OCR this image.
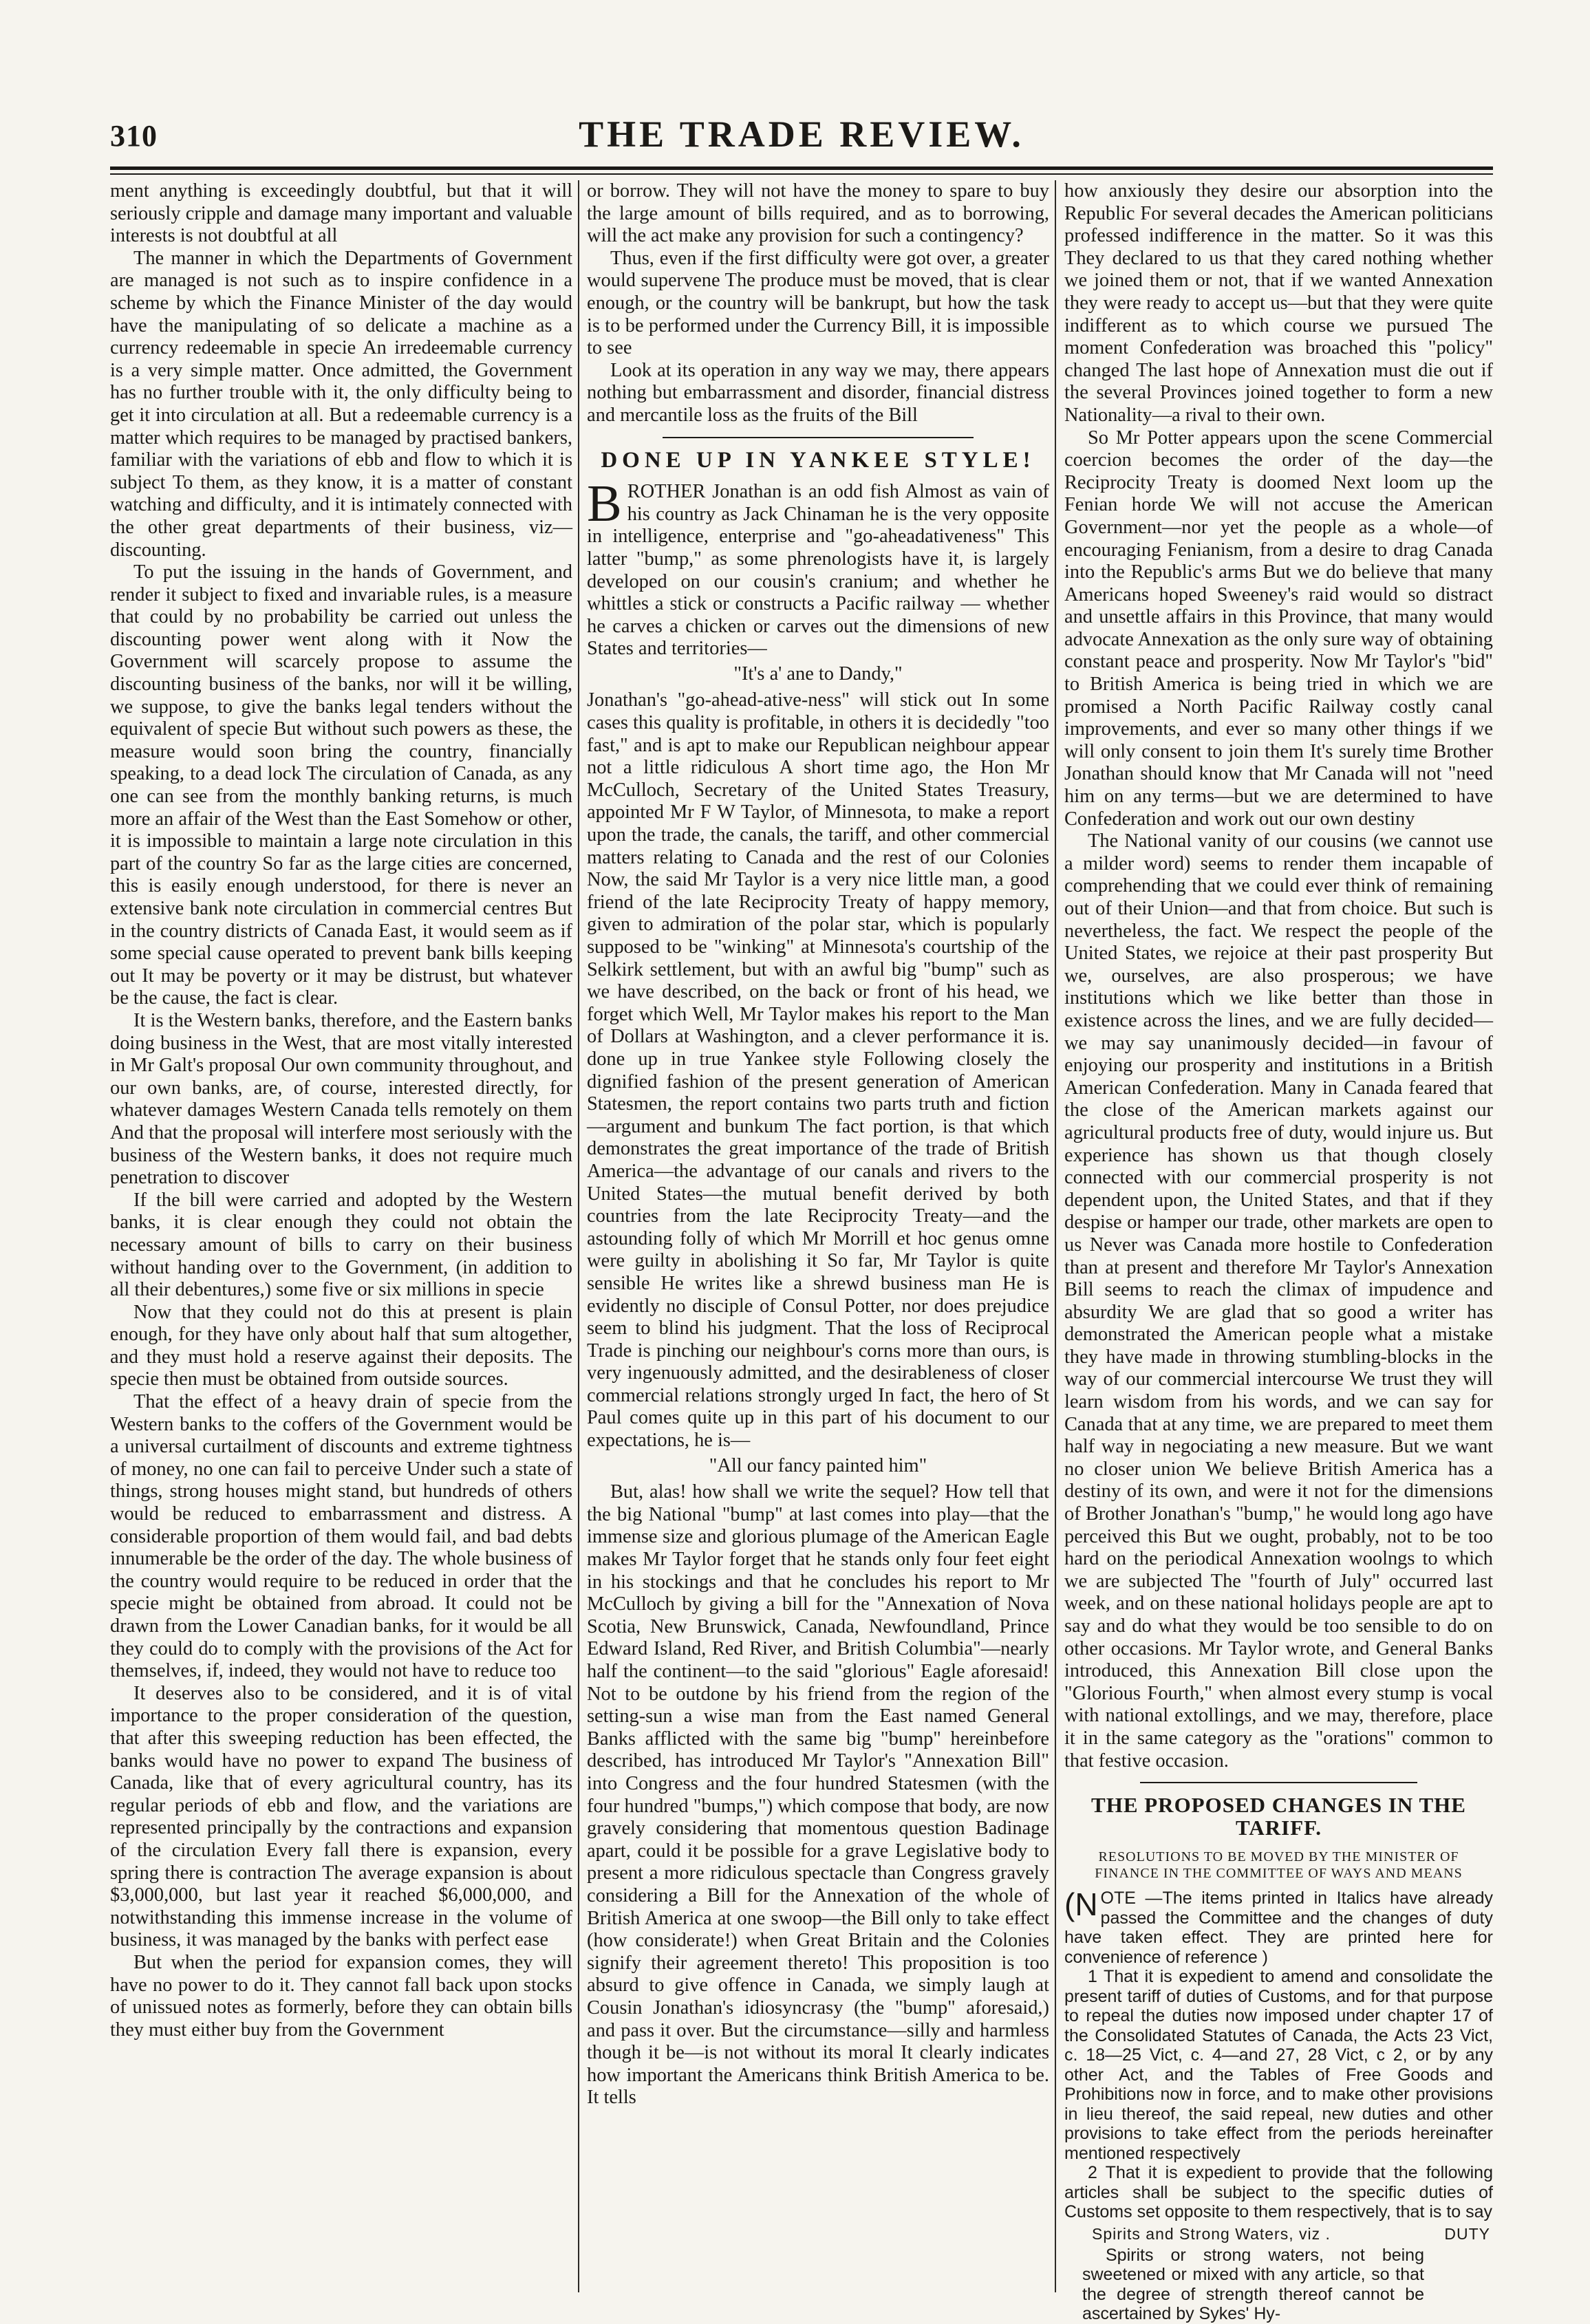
310	THE TRADE REVIEW.

ment anything is exceedingly doubtful, but that it will seriously cripple and damage many important and valuable interests is not doubtful at all

The manner in which the Departments of Government are managed is not such as to inspire confidence in a scheme by which the Finance Minister of the day would have the manipulating of so delicate a machine as a currency redeemable in specie An irredeemable currency is a very simple matter. Once admitted, the Government has no further trouble with it, the only difficulty being to get it into circulation at all. But a redeemable currency is a matter which requires to be managed by practised bankers, familiar with the variations of ebb and flow to which it is subject To them, as they know, it is a matter of constant watching and difficulty, and it is intimately connected with the other great departments of their business, viz—discounting.

To put the issuing in the hands of Government, and render it subject to fixed and invariable rules, is a measure that could by no probability be carried out unless the discounting power went along with it Now the Government will scarcely propose to assume the discounting business of the banks, nor will it be willing, we suppose, to give the banks legal tenders without the equivalent of specie But without such powers as these, the measure would soon bring the country, financially speaking, to a dead lock The circulation of Canada, as any one can see from the monthly banking returns, is much more an affair of the West than the East Somehow or other, it is impossible to maintain a large note circulation in this part of the country So far as the large cities are concerned, this is easily enough understood, for there is never an extensive bank note circulation in commercial centres But in the country districts of Canada East, it would seem as if some special cause operated to prevent bank bills keeping out It may be poverty or it may be distrust, but whatever be the cause, the fact is clear.

It is the Western banks, therefore, and the Eastern banks doing business in the West, that are most vitally interested in Mr Galt's proposal Our own community throughout, and our own banks, are, of course, interested directly, for whatever damages Western Canada tells remotely on them And that the proposal will interfere most seriously with the business of the Western banks, it does not require much penetration to discover

If the bill were carried and adopted by the Western banks, it is clear enough they could not obtain the necessary amount of bills to carry on their business without handing over to the Government, (in addition to all their debentures,) some five or six millions in specie

Now that they could not do this at present is plain enough, for they have only about half that sum altogether, and they must hold a reserve against their deposits. The specie then must be obtained from outside sources.

That the effect of a heavy drain of specie from the Western banks to the coffers of the Government would be a universal curtailment of discounts and extreme tightness of money, no one can fail to perceive Under such a state of things, strong houses might stand, but hundreds of others would be reduced to embarrassment and distress. A considerable proportion of them would fail, and bad debts innumerable be the order of the day. The whole business of the country would require to be reduced in order that the specie might be obtained from abroad. It could not be drawn from the Lower Canadian banks, for it would be all they could do to comply with the provisions of the Act for themselves, if, indeed, they would not have to reduce too

It deserves also to be considered, and it is of vital importance to the proper consideration of the question, that after this sweeping reduction has been effected, the banks would have no power to expand The business of Canada, like that of every agricultural country, has its regular periods of ebb and flow, and the variations are represented principally by the contractions and expansion of the circulation Every fall there is expansion, every spring there is contraction The average expansion is about $3,000,000, but last year it reached $6,000,000, and notwithstanding this immense increase in the volume of business, it was managed by the banks with perfect ease

But when the period for expansion comes, they will have no power to do it. They cannot fall back upon stocks of unissued notes as formerly, before they can obtain bills they must either buy from the Government

or borrow. They will not have the money to spare to buy the large amount of bills required, and as to borrowing, will the act make any provision for such a contingency?

Thus, even if the first difficulty were got over, a greater would supervene The produce must be moved, that is clear enough, or the country will be bankrupt, but how the task is to be performed under the Currency Bill, it is impossible to see

Look at its operation in any way we may, there appears nothing but embarrassment and disorder, financial distress and mercantile loss as the fruits of the Bill

DONE UP IN YANKEE STYLE!

BROTHER Jonathan is an odd fish Almost as vain of his country as Jack Chinaman he is the very opposite in intelligence, enterprise and "go-aheadativeness" This latter "bump," as some phrenologists have it, is largely developed on our cousin's cranium; and whether he whittles a stick or constructs a Pacific railway — whether he carves a chicken or carves out the dimensions of new States and territories—

"It's a' ane to Dandy,"

Jonathan's "go-ahead-ative-ness" will stick out In some cases this quality is profitable, in others it is decidedly "too fast," and is apt to make our Republican neighbour appear not a little ridiculous A short time ago, the Hon Mr McCulloch, Secretary of the United States Treasury, appointed Mr F W Taylor, of Minnesota, to make a report upon the trade, the canals, the tariff, and other commercial matters relating to Canada and the rest of our Colonies Now, the said Mr Taylor is a very nice little man, a good friend of the late Reciprocity Treaty of happy memory, given to admiration of the polar star, which is popularly supposed to be "winking" at Minnesota's courtship of the Selkirk settlement, but with an awful big "bump" such as we have described, on the back or front of his head, we forget which Well, Mr Taylor makes his report to the Man of Dollars at Washington, and a clever performance it is. done up in true Yankee style Following closely the dignified fashion of the present generation of American Statesmen, the report contains two parts truth and fiction—argument and bunkum The fact portion, is that which demonstrates the great importance of the trade of British America—the advantage of our canals and rivers to the United States—the mutual benefit derived by both countries from the late Reciprocity Treaty—and the astounding folly of which Mr Morrill et hoc genus omne were guilty in abolishing it So far, Mr Taylor is quite sensible He writes like a shrewd business man He is evidently no disciple of Consul Potter, nor does prejudice seem to blind his judgment. That the loss of Reciprocal Trade is pinching our neighbour's corns more than ours, is very ingenuously admitted, and the desirableness of closer commercial relations strongly urged In fact, the hero of St Paul comes quite up in this part of his document to our expectations, he is—

"All our fancy painted him"

But, alas! how shall we write the sequel? How tell that the big National "bump" at last comes into play—that the immense size and glorious plumage of the American Eagle makes Mr Taylor forget that he stands only four feet eight in his stockings and that he concludes his report to Mr McCulloch by giving a bill for the "Annexation of Nova Scotia, New Brunswick, Canada, Newfoundland, Prince Edward Island, Red River, and British Columbia"—nearly half the continent—to the said "glorious" Eagle aforesaid! Not to be outdone by his friend from the region of the setting-sun a wise man from the East named General Banks afflicted with the same big "bump" hereinbefore described, has introduced Mr Taylor's "Annexation Bill" into Congress and the four hundred Statesmen (with the four hundred "bumps,") which compose that body, are now gravely considering that momentous question Badinage apart, could it be possible for a grave Legislative body to present a more ridiculous spectacle than Congress gravely considering a Bill for the Annexation of the whole of British America at one swoop—the Bill only to take effect (how considerate!) when Great Britain and the Colonies signify their agreement thereto! This proposition is too absurd to give offence in Canada, we simply laugh at Cousin Jonathan's idiosyncrasy (the "bump" aforesaid,) and pass it over. But the circumstance—silly and harmless though it be—is not without its moral It clearly indicates how important the Americans think British America to be. It tells

how anxiously they desire our absorption into the Republic For several decades the American politicians professed indifference in the matter. So it was this They declared to us that they cared nothing whether we joined them or not, that if we wanted Annexation they were ready to accept us—but that they were quite indifferent as to which course we pursued The moment Confederation was broached this "policy" changed The last hope of Annexation must die out if the several Provinces joined together to form a new Nationality—a rival to their own.

So Mr Potter appears upon the scene Commercial coercion becomes the order of the day—the Reciprocity Treaty is doomed Next loom up the Fenian horde We will not accuse the American Government—nor yet the people as a whole—of encouraging Fenianism, from a desire to drag Canada into the Republic's arms But we do believe that many Americans hoped Sweeney's raid would so distract and unsettle affairs in this Province, that many would advocate Annexation as the only sure way of obtaining constant peace and prosperity. Now Mr Taylor's "bid" to British America is being tried in which we are promised a North Pacific Railway costly canal improvements, and ever so many other things if we will only consent to join them It's surely time Brother Jonathan should know that Mr Canada will not "need him on any terms—but we are determined to have Confederation and work out our own destiny

The National vanity of our cousins (we cannot use a milder word) seems to render them incapable of comprehending that we could ever think of remaining out of their Union—and that from choice. But such is nevertheless, the fact. We respect the people of the United States, we rejoice at their past prosperity But we, ourselves, are also prosperous; we have institutions which we like better than those in existence across the lines, and we are fully decided—we may say unanimously decided—in favour of enjoying our prosperity and institutions in a British American Confederation. Many in Canada feared that the close of the American markets against our agricultural products free of duty, would injure us. But experience has shown us that though closely connected with our commercial prosperity is not dependent upon, the United States, and that if they despise or hamper our trade, other markets are open to us Never was Canada more hostile to Confederation than at present and therefore Mr Taylor's Annexation Bill seems to reach the climax of impudence and absurdity We are glad that so good a writer has demonstrated the American people what a mistake they have made in throwing stumbling-blocks in the way of our commercial intercourse We trust they will learn wisdom from his words, and we can say for Canada that at any time, we are prepared to meet them half way in negociating a new measure. But we want no closer union We believe British America has a destiny of its own, and were it not for the dimensions of Brother Jonathan's "bump," he would long ago have perceived this But we ought, probably, not to be too hard on the periodical Annexation woolngs to which we are subjected The "fourth of July" occurred last week, and on these national holidays people are apt to say and do what they would be too sensible to do on other occasions. Mr Taylor wrote, and General Banks introduced, this Annexation Bill close upon the "Glorious Fourth," when almost every stump is vocal with national extollings, and we may, therefore, place it in the same category as the "orations" common to that festive occasion.

THE PROPOSED CHANGES IN THE TARIFF.
RESOLUTIONS TO BE MOVED BY THE MINISTER OF FINANCE IN THE COMMITTEE OF WAYS AND MEANS

(NOTE —The items printed in Italics have already passed the Committee and the changes of duty have taken effect. They are printed here for convenience of reference )

1 That it is expedient to amend and consolidate the present tariff of duties of Customs, and for that purpose to repeal the duties now imposed under chapter 17 of the Consolidated Statutes of Canada, the Acts 23 Vict, c. 18—25 Vict, c. 4—and 27, 28 Vict, c 2, or by any other Act, and the Tables of Free Goods and Prohibitions now in force, and to make other provisions in lieu thereof, the said repeal, new duties and other provisions to take effect from the periods hereinafter mentioned respectively

2 That it is expedient to provide that the following articles shall be subject to the specific duties of Customs set opposite to them respectively, that is to say

Spirits and Strong Waters, viz .	DUTY

Spirits or strong waters, not being sweetened or mixed with any article, so that the degree of strength thereof cannot be ascertained by Sykes' Hy-
